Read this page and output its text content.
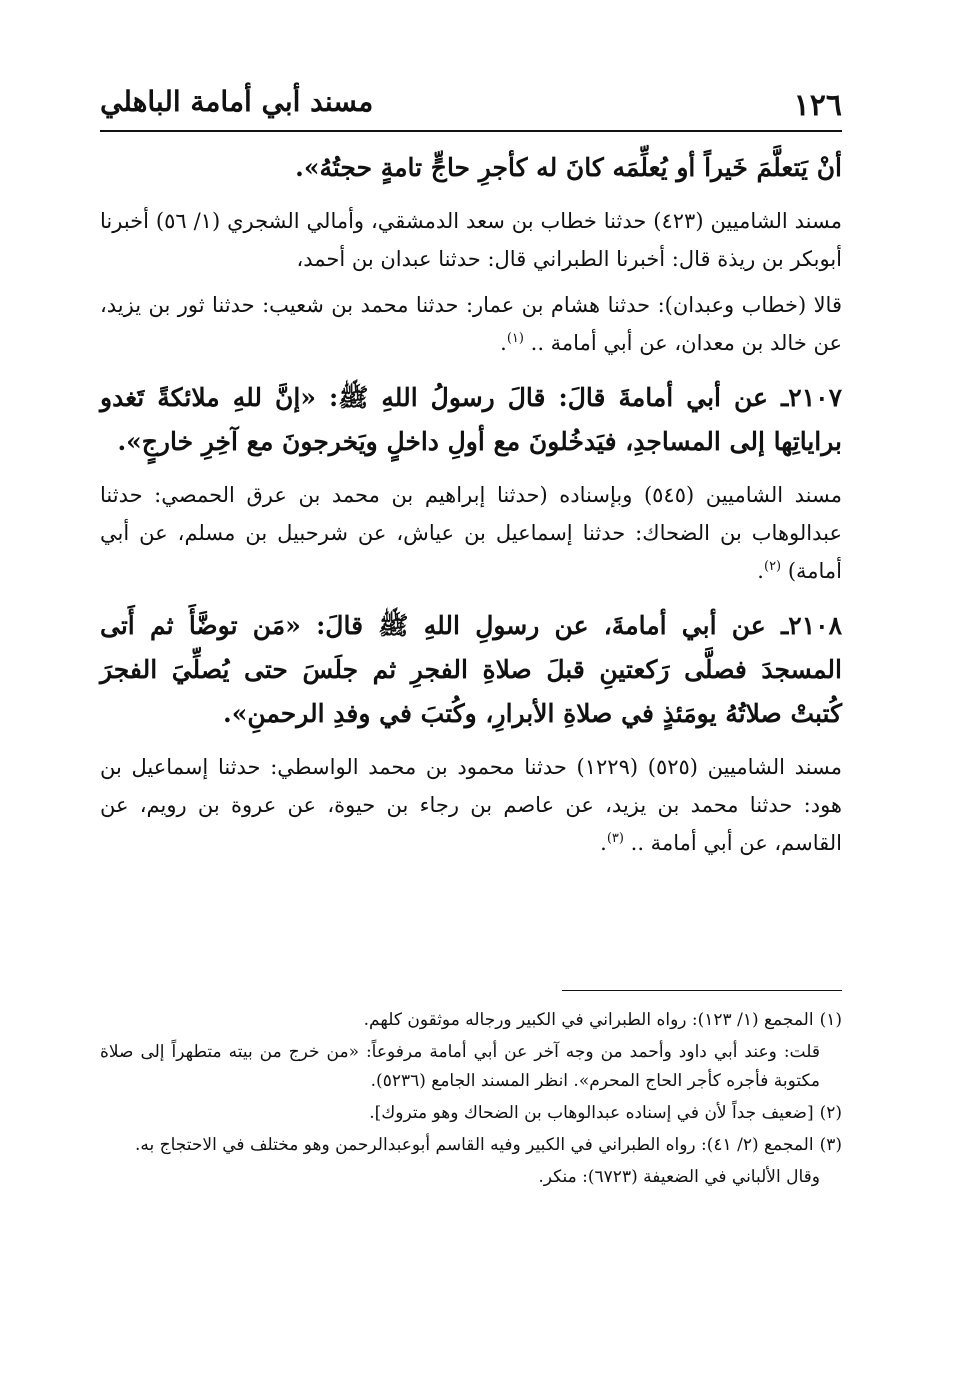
١٢٦
مسند أبي أمامة الباهلي

أنْ يَتعلَّمَ خَيراً أو يُعلِّمَه كانَ له كأجرِ حاجٍّ تامةٍ حجتُهُ».

مسند الشاميين (٤٢٣) حدثنا خطاب بن سعد الدمشقي، وأمالي الشجري (١/ ٥٦) أخبرنا أبوبكر بن ريذة قال: أخبرنا الطبراني قال: حدثنا عبدان بن أحمد،

قالا (خطاب وعبدان): حدثنا هشام بن عمار: حدثنا محمد بن شعيب: حدثنا ثور بن يزيد، عن خالد بن معدان، عن أبي أمامة .. $^{(١)}$.

٢١٠٧ـ عن أبي أمامةَ قالَ: قالَ رسولُ اللهِ ﷺ: «إنَّ للهِ ملائكةً تَغدو براياتِها إلى المساجدِ، فيَدخُلونَ مع أولِ داخلٍ ويَخرجونَ مع آخِرِ خارجٍ».

مسند الشاميين (٥٤٥) وبإسناده (حدثنا إبراهيم بن محمد بن عرق الحمصي: حدثنا عبدالوهاب بن الضحاك: حدثنا إسماعيل بن عياش، عن شرحبيل بن مسلم، عن أبي أمامة) $^{(٢)}$.

٢١٠٨ـ عن أبي أمامةَ، عن رسولِ اللهِ ﷺ قالَ: «مَن توضَّأَ ثم أَتى المسجدَ فصلَّى رَكعتينِ قبلَ صلاةِ الفجرِ ثم جلَسَ حتى يُصلِّيَ الفجرَ كُتبتْ صلاتُهُ يومَئذٍ في صلاةِ الأبرارِ، وكُتبَ في وفدِ الرحمنِ».

مسند الشاميين (٥٢٥) (١٢٢٩) حدثنا محمود بن محمد الواسطي: حدثنا إسماعيل بن هود: حدثنا محمد بن يزيد، عن عاصم بن رجاء بن حيوة، عن عروة بن رويم، عن القاسم، عن أبي أمامة .. $^{(٣)}$.

(١)المجمع (١/ ١٢٣): رواه الطبراني في الكبير ورجاله موثقون كلهم.

قلت: وعند أبي داود وأحمد من وجه آخر عن أبي أمامة مرفوعاً: «من خرج من بيته متطهراً إلى صلاة مكتوبة فأجره كأجر الحاج المحرم». انظر المسند الجامع (٥٢٣٦).

(٢)[ضعيف جداً لأن في إسناده عبدالوهاب بن الضحاك وهو متروك].

(٣)المجمع (٢/ ٤١): رواه الطبراني في الكبير وفيه القاسم أبوعبدالرحمن وهو مختلف في الاحتجاج به.

وقال الألباني في الضعيفة (٦٧٢٣): منكر.
